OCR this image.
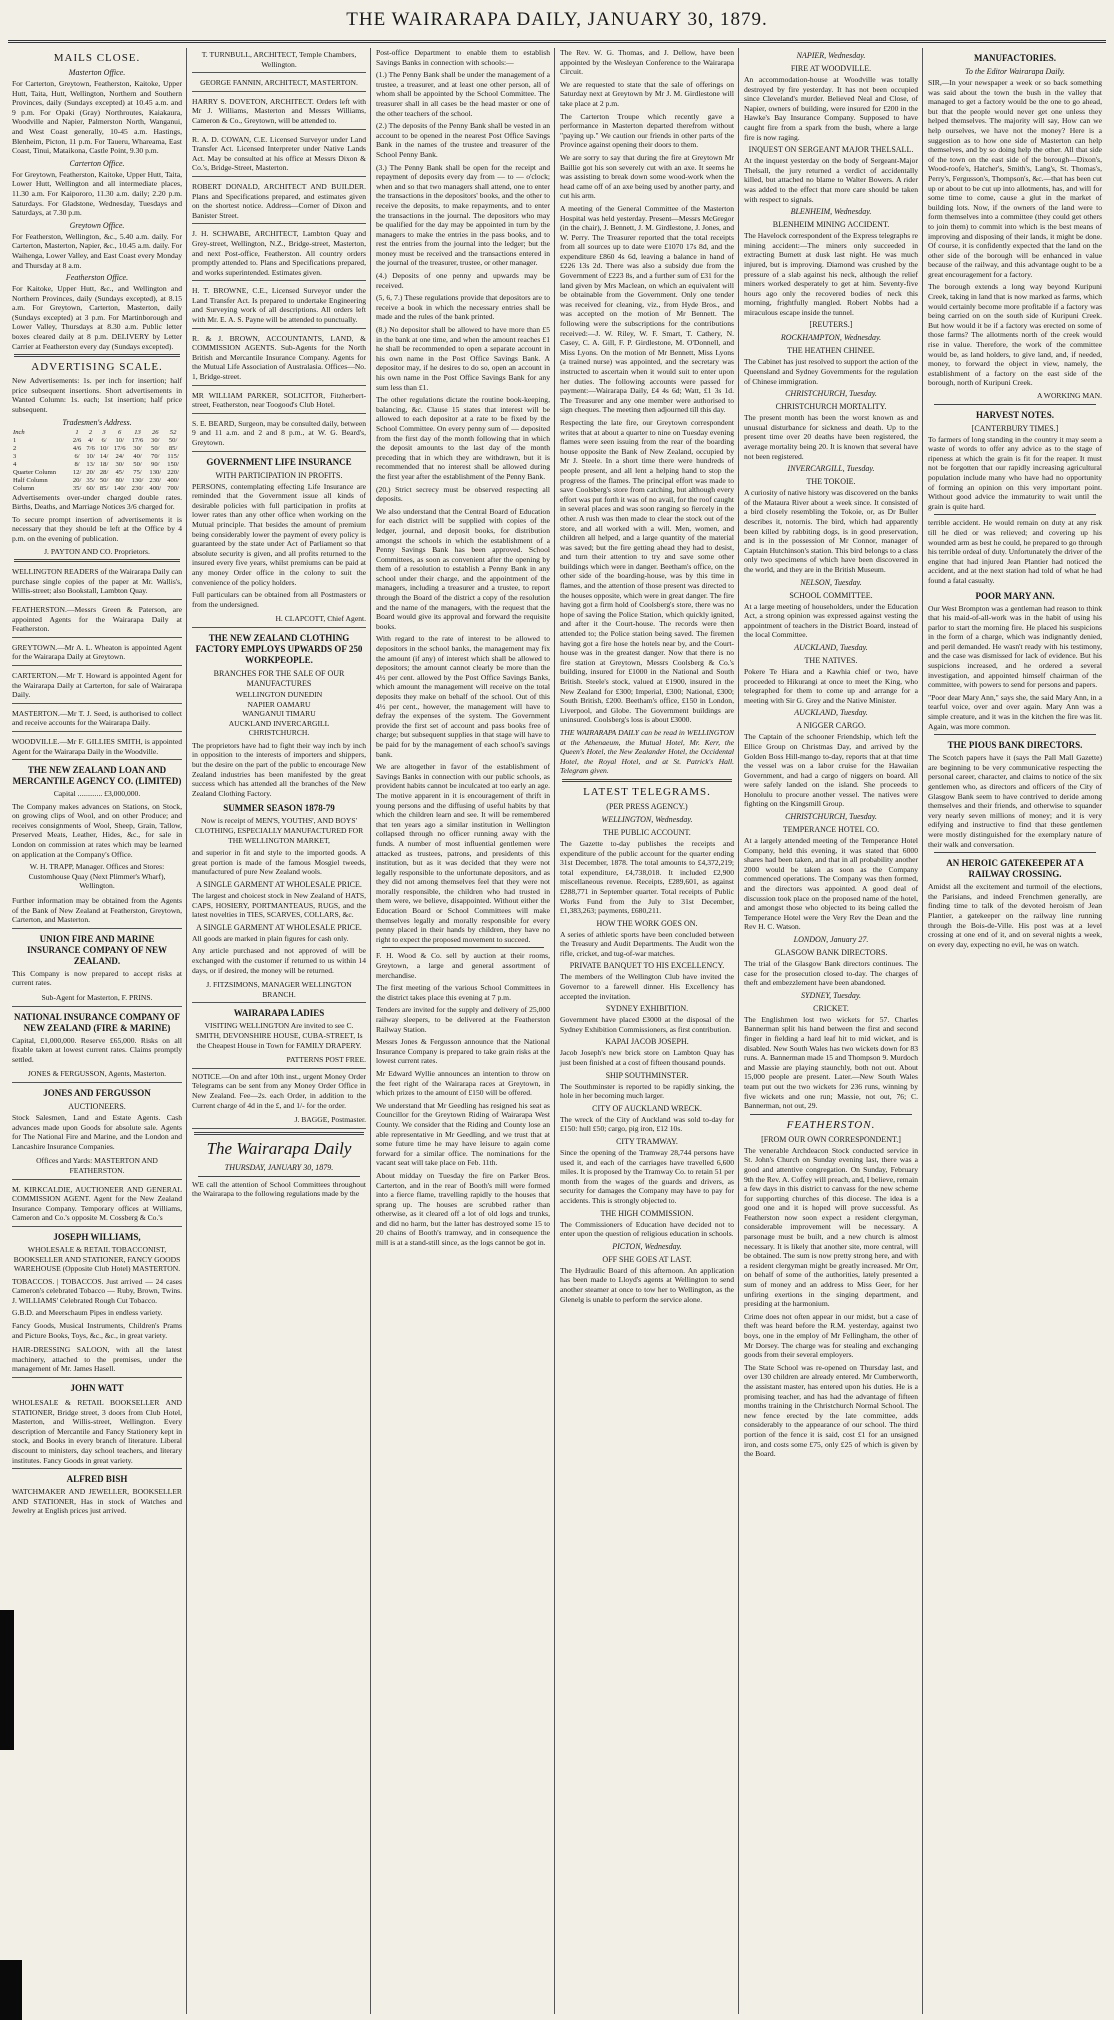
THE WAIRARAPA DAILY, JANUARY 30, 1879.
MAILS CLOSE.
Masterton Office.
For Carterton, Greytown, Featherston, Kaitoke, Upper Hutt, Taita, Hutt, Wellington, Northern and Southern Provinces, daily (Sundays excepted) at 10.45 a.m. and 9 p.m. For Opaki (Gray) Northroutes, Kaiakaura, Woodville and Napier, Palmerston North, Wanganui, and West Coast generally, 10-45 a.m. Hastings, Blenheim, Picton, 11 p.m. For Taueru, Whareama, East Coast, Tinui, Mataikona, Castle Point, 9.30 p.m.
Carterton Office.
For Greytown, Featherston, Kaitoke, Upper Hutt, Taita, Lower Hutt, Wellington and all intermediate places, 11.30 a.m. For Kaipororo, 11.30 a.m. daily; 2.20 p.m. Saturdays. For Gladstone, Wednesday, Tuesdays and Saturdays, at 7.30 p.m.
Greytown Office.
For Featherston, Wellington, &c., 5.40 a.m. daily. For Carterton, Masterton, Napier, &c., 10.45 a.m. daily. For Waihenga, Lower Valley, and East Coast every Monday and Thursday at 8 a.m.
Featherston Office.
For Kaitoke, Upper Hutt, &c., and Wellington and Northern Provinces, daily (Sundays excepted), at 8.15 a.m. For Greytown, Carterton, Masterton, daily (Sundays excepted) at 3 p.m. For Martinborough and Lower Valley, Thursdays at 8.30 a.m. Public letter boxes cleared daily at 8 p.m. DELIVERY by Letter Carrier at Featherston every day (Sundays excepted).
ADVERTISING SCALE.
New Advertisements: 1s. per inch for insertion; half price subsequent insertions. Short advertisements in Wanted Column: 1s. each; 1st insertion; half price subsequent.
Tradesmen's Address.
Inch	1	2	3	6	13	26	52
1	2/6	4/	6/	10/	17/6	30/	50/
2	4/6	7/6	10/	17/6	30/	50/	85/
3	6/	10/	14/	24/	40/	70/	115/
4	8/	13/	18/	30/	50/	90/	150/
Quarter Column	12/	20/	28/	45/	75/	130/	220/
Half Column	20/	35/	50/	80/	130/	230/	400/
Column	35/	60/	85/	140/	230/	400/	700/
Advertisements over-under charged double rates. Births, Deaths, and Marriage Notices 3/6 charged for.
To secure prompt insertion of advertisements it is necessary that they should be left at the Office by 4 p.m. on the evening of publication.
J. PAYTON AND CO. Proprietors.
WELLINGTON READERS of the Wairarapa Daily can purchase single copies of the paper at Mr. Wallis's, Willis-street; also Bookstall, Lambton Quay.
FEATHERSTON.—Messrs Green & Paterson, are appointed Agents for the Wairarapa Daily at Featherston.
GREYTOWN.—Mr A. L. Wheaton is appointed Agent for the Wairarapa Daily at Greytown.
CARTERTON.—Mr T. Howard is appointed Agent for the Wairarapa Daily at Carterton, for sale of Wairarapa Daily.
MASTERTON.—Mr T. J. Seed, is authorised to collect and receive accounts for the Wairarapa Daily.
WOODVILLE.—Mr F. GILLIES SMITH, is appointed Agent for the Wairarapa Daily in the Woodville.
THE NEW ZEALAND LOAN AND MERCANTILE AGENCY CO. (LIMITED)
Capital ............. £3,000,000.
The Company makes advances on Stations, on Stock, on growing clips of Wool, and on other Produce; and receives consignments of Wool, Sheep, Grain, Tallow, Preserved Meats, Leather, Hides, &c., for sale in London on commission at rates which may be learned on application at the Company's Office.
W. H. TRAPP, Manager. Offices and Stores: Customhouse Quay (Next Plimmer's Wharf), Wellington.
Further information may be obtained from the Agents of the Bank of New Zealand at Featherston, Greytown, Carterton, and Masterton.
UNION FIRE AND MARINE INSURANCE COMPANY OF NEW ZEALAND.
This Company is now prepared to accept risks at current rates.
Sub-Agent for Masterton, F. PRINS.
NATIONAL INSURANCE COMPANY OF NEW ZEALAND (FIRE & MARINE)
Capital, £1,000,000. Reserve £65,000. Risks on all fixable taken at lowest current rates. Claims promptly settled.
JONES & FERGUSSON, Agents, Masterton.
JONES AND FERGUSSON
AUCTIONEERS.
Stock Salesmen, Land and Estate Agents. Cash advances made upon Goods for absolute sale. Agents for The National Fire and Marine, and the London and Lancashire Insurance Companies.
Offices and Yards: MASTERTON AND FEATHERSTON.
M. KIRKCALDIE, AUCTIONEER AND GENERAL COMMISSION AGENT. Agent for the New Zealand Insurance Company. Temporary offices at Williams, Cameron and Co.'s opposite M. Cossberg & Co.'s
JOSEPH WILLIAMS,
WHOLESALE & RETAIL TOBACCONIST, BOOKSELLER AND STATIONER, FANCY GOODS WAREHOUSE (Opposite Club Hotel) MASTERTON.
TOBACCOS. | TOBACCOS. Just arrived — 24 cases Cameron's celebrated Tobacco — Ruby, Brown, Twins. J. WILLIAMS' Celebrated Rough Cut Tobacco.
G.B.D. and Meerschaum Pipes in endless variety.
Fancy Goods, Musical Instruments, Children's Prams and Picture Books, Toys, &c., &c., in great variety.
HAIR-DRESSING SALOON, with all the latest machinery, attached to the premises, under the management of Mr. James Hasell.
JOHN WATT
WHOLESALE & RETAIL BOOKSELLER AND STATIONER, Bridge street, 3 doors from Club Hotel, Masterton, and Willis-street, Wellington. Every description of Mercantile and Fancy Stationery kept in stock, and Books in every branch of literature. Liberal discount to ministers, day school teachers, and literary institutes. Fancy Goods in great variety.
ALFRED BISH
WATCHMAKER AND JEWELLER, BOOKSELLER AND STATIONER, Has in stock of Watches and Jewelry at English prices just arrived.
T. TURNBULL, ARCHITECT, Temple Chambers, Wellington.
GEORGE FANNIN, ARCHITECT, MASTERTON.
HARRY S. DOVETON, ARCHITECT. Orders left with Mr J. Williams, Masterton and Messrs Williams, Cameron & Co., Greytown, will be attended to.
R. A. D. COWAN, C.E. Licensed Surveyor under Land Transfer Act. Licensed Interpreter under Native Lands Act. May be consulted at his office at Messrs Dixon & Co.'s, Bridge-Street, Masterton.
ROBERT DONALD, ARCHITECT AND BUILDER. Plans and Specifications prepared, and estimates given on the shortest notice. Address—Corner of Dixon and Banister Street.
J. H. SCHWABE, ARCHITECT, Lambton Quay and Grey-street, Wellington, N.Z., Bridge-street, Masterton, and next Post-office, Featherston. All country orders promptly attended to. Plans and Specifications prepared, and works superintended. Estimates given.
H. T. BROWNE, C.E., Licensed Surveyor under the Land Transfer Act. Is prepared to undertake Engineering and Surveying work of all descriptions. All orders left with Mr. E. A. S. Payne will be attended to punctually.
R. & J. BROWN, ACCOUNTANTS, LAND, & COMMISSION AGENTS. Sub-Agents for the North British and Mercantile Insurance Company. Agents for the Mutual Life Association of Australasia. Offices—No. 1, Bridge-street.
MR WILLIAM PARKER, SOLICITOR, Fitzherbert-street, Featherston, near Toogood's Club Hotel.
S. E. BEARD, Surgeon, may be consulted daily, between 9 and 11 a.m. and 2 and 8 p.m., at W. G. Beard's, Greytown.
GOVERNMENT LIFE INSURANCE
WITH PARTICIPATION IN PROFITS.
PERSONS, contemplating effecting Life Insurance are reminded that the Government issue all kinds of desirable policies with full participation in profits at lower rates than any other office when working on the Mutual principle. That besides the amount of premium being considerably lower the payment of every policy is guaranteed by the state under Act of Parliament so that absolute security is given, and all profits returned to the insured every five years, whilst premiums can be paid at any money Order office in the colony to suit the convenience of the policy holders.
Full particulars can be obtained from all Postmasters or from the undersigned.
H. CLAPCOTT, Chief Agent.
THE NEW ZEALAND CLOTHING FACTORY EMPLOYS UPWARDS OF 250 WORKPEOPLE.
BRANCHES FOR THE SALE OF OUR MANUFACTURES
WELLINGTON DUNEDIN
NAPIER OAMARU
WANGANUI TIMARU
AUCKLAND INVERCARGILL
CHRISTCHURCH.
The proprietors have had to fight their way inch by inch in opposition to the interests of importers and shippers, but the desire on the part of the public to encourage New Zealand industries has been manifested by the great success which has attended all the branches of the New Zealand Clothing Factory.
SUMMER SEASON 1878-79
Now is receipt of MEN'S, YOUTHS', AND BOYS' CLOTHING, ESPECIALLY MANUFACTURED FOR THE WELLINGTON MARKET,
and superior in fit and style to the imported goods. A great portion is made of the famous Mosgiel tweeds, manufactured of pure New Zealand wools.
A SINGLE GARMENT AT WHOLESALE PRICE.
The largest and choicest stock in New Zealand of HATS, CAPS, HOSIERY, PORTMANTEAUS, RUGS, and the latest novelties in TIES, SCARVES, COLLARS, &c.
A SINGLE GARMENT AT WHOLESALE PRICE.
All goods are marked in plain figures for cash only.
Any article purchased and not approved of will be exchanged with the customer if returned to us within 14 days, or if desired, the money will be returned.
J. FITZSIMONS, MANAGER WELLINGTON BRANCH.
WAIRARAPA LADIES
VISITING WELLINGTON Are invited to see C. SMITH, DEVONSHIRE HOUSE, CUBA-STREET, Is the Cheapest House in Town for FAMILY DRAPERY.
PATTERNS POST FREE.
NOTICE.—On and after 10th inst., urgent Money Order Telegrams can be sent from any Money Order Office in New Zealand. Fee—2s. each Order, in addition to the Current charge of 4d in the £, and 1/- for the order.
J. BAGGE, Postmaster.
The Wairarapa Daily
THURSDAY, JANUARY 30, 1879.
WE call the attention of School Committees throughout the Wairarapa to the following regulations made by the
Post-office Department to enable them to establish Savings Banks in connection with schools:—
(1.) The Penny Bank shall be under the management of a trustee, a treasurer, and at least one other person, all of whom shall be appointed by the School Committee. The treasurer shall in all cases be the head master or one of the other teachers of the school.
(2.) The deposits of the Penny Bank shall be vested in an account to be opened in the nearest Post Office Savings Bank in the names of the trustee and treasurer of the School Penny Bank.
(3.) The Penny Bank shall be open for the receipt and repayment of deposits every day from — to — o'clock; when and so that two managers shall attend, one to enter the transactions in the depositors' books, and the other to receive the deposits, to make repayments, and to enter the transactions in the journal. The depositors who may be qualified for the day may be appointed in turn by the managers to make the entries in the pass books, and to rest the entries from the journal into the ledger; but the money must be received and the transactions entered in the journal of the treasurer, trustee, or other manager.
(4.) Deposits of one penny and upwards may be received.
(5, 6, 7.) These regulations provide that depositors are to receive a book in which the necessary entries shall be made and the rules of the bank printed.
(8.) No depositor shall be allowed to have more than £5 in the bank at one time, and when the amount reaches £1 he shall be recommended to open a separate account in his own name in the Post Office Savings Bank. A depositor may, if he desires to do so, open an account in his own name in the Post Office Savings Bank for any sum less than £1.
The other regulations dictate the routine book-keeping, balancing, &c. Clause 15 states that interest will be allowed to each depositor at a rate to be fixed by the School Committee. On every penny sum of — deposited from the first day of the month following that in which the deposit amounts to the last day of the month preceding that in which they are withdrawn, but it is recommended that no interest shall be allowed during the first year after the establishment of the Penny Bank.
(20.) Strict secrecy must be observed respecting all deposits.
We also understand that the Central Board of Education for each district will be supplied with copies of the ledger, journal, and deposit books, for distribution amongst the schools in which the establishment of a Penny Savings Bank has been approved. School Committees, as soon as convenient after the opening by them of a resolution to establish a Penny Bank in any school under their charge, and the appointment of the managers, including a treasurer and a trustee, to report through the Board of the district a copy of the resolution and the name of the managers, with the request that the Board would give its approval and forward the requisite books.
With regard to the rate of interest to be allowed to depositors in the school banks, the management may fix the amount (if any) of interest which shall be allowed to depositors; the amount cannot clearly be more than the 4½ per cent. allowed by the Post Office Savings Banks, which amount the management will receive on the total deposits they make on behalf of the school. Out of this 4½ per cent., however, the management will have to defray the expenses of the system. The Government provide the first set of account and pass books free of charge; but subsequent supplies in that stage will have to be paid for by the management of each school's savings bank.
We are altogether in favor of the establishment of Savings Banks in connection with our public schools, as provident habits cannot be inculcated at too early an age. The motive apparent in it is encouragement of thrift in young persons and the diffusing of useful habits by that which the children learn and see. It will be remembered that ten years ago a similar institution in Wellington collapsed through no officer running away with the funds. A number of most influential gentlemen were attacked as trustees, patrons, and presidents of this institution, but as it was decided that they were not legally responsible to the unfortunate depositors, and as they did not among themselves feel that they were not morally responsible, the children who had trusted in them were, we believe, disappointed. Without either the Education Board or School Committees will make themselves legally and morally responsible for every penny placed in their hands by children, they have no right to expect the proposed movement to succeed.
F. H. Wood & Co. sell by auction at their rooms, Greytown, a large and general assortment of merchandise.
The first meeting of the various School Committees in the district takes place this evening at 7 p.m.
Tenders are invited for the supply and delivery of 25,000 railway sleepers, to be delivered at the Featherston Railway Station.
Messrs Jones & Fergusson announce that the National Insurance Company is prepared to take grain risks at the lowest current rates.
Mr Edward Wyllie announces an intention to throw on the feet right of the Wairarapa races at Greytown, in which prizes to the amount of £150 will be offered.
We understand that Mr Geedling has resigned his seat as Councillor for the Greytown Riding of Wairarapa West County. We consider that the Riding and County lose an able representative in Mr Geedling, and we trust that at some future time he may have leisure to again come forward for a similar office. The nominations for the vacant seat will take place on Feb. 11th.
About midday on Tuesday the fire on Parker Bros. Carterton, and in the rear of Booth's mill were formed into a fierce flame, travelling rapidly to the houses that sprang up. The houses are scrubbed rather than otherwise, as it cleared off a lot of old logs and trunks, and did no harm, but the latter has destroyed some 15 to 20 chains of Booth's tramway, and in consequence the mill is at a stand-still since, as the logs cannot be got in.
The Rev. W. G. Thomas, and J. Dellow, have been appointed by the Wesleyan Conference to the Wairarapa Circuit.
We are requested to state that the sale of offerings on Saturday next at Greytown by Mr J. M. Girdlestone will take place at 2 p.m.
The Carterton Troupe which recently gave a performance in Masterton departed therefrom without "paying up." We caution our friends in other parts of the Province against opening their doors to them.
We are sorry to say that during the fire at Greytown Mr Baillie got his son severely cut with an axe. It seems he was assisting to break down some wood-work when the head came off of an axe being used by another party, and cut his arm.
A meeting of the General Committee of the Masterton Hospital was held yesterday. Present—Messrs McGregor (in the chair), J. Bennett, J. M. Girdlestone, J. Jones, and W. Perry. The Treasurer reported that the total receipts from all sources up to date were £1070 17s 8d, and the expenditure £860 4s 6d, leaving a balance in hand of £226 13s 2d. There was also a subsidy due from the Government of £223 8s, and a further sum of £31 for the land given by Mrs Maclean, on which an equivalent will be obtainable from the Government. Only one tender was received for cleaning, viz., from Hyde Bros., and was accepted on the motion of Mr Bennett. The following were the subscriptions for the contributions received:—J. W. Riley, W. F. Smart, T. Cathery, N. Casey, C. A. Gill, F. P. Girdlestone, M. O'Donnell, and Miss Lyons. On the motion of Mr Bennett, Miss Lyons (a trained nurse) was appointed, and the secretary was instructed to ascertain when it would suit to enter upon her duties. The following accounts were passed for payment:—Wairarapa Daily, £4 4s 6d; Watt, £1 3s 1d. The Treasurer and any one member were authorised to sign cheques. The meeting then adjourned till this day.
Respecting the late fire, our Greytown correspondent writes that at about a quarter to nine on Tuesday evening flames were seen issuing from the rear of the boarding house opposite the Bank of New Zealand, occupied by Mr J. Steele. In a short time there were hundreds of people present, and all lent a helping hand to stop the progress of the flames. The principal effort was made to save Coolsberg's store from catching, but although every effort was put forth it was of no avail, for the roof caught in several places and was soon ranging so fiercely in the other. A rush was then made to clear the stock out of the store, and all worked with a will. Men, women, and children all helped, and a large quantity of the material was saved; but the fire getting ahead they had to desist, and turn their attention to try and save some other buildings which were in danger. Beetham's office, on the other side of the boarding-house, was by this time in flames, and the attention of those present was directed to the houses opposite, which were in great danger. The fire having got a firm hold of Coolsberg's store, there was no hope of saving the Police Station, which quickly ignited, and after it the Court-house. The records were then attended to; the Police station being saved. The firemen having got a fire hose the hotels near by, and the Court-house was in the greatest danger. Now that there is no fire station at Greytown, Messrs Coolsberg & Co.'s building, insured for £1000 in the National and South British. Steele's stock, valued at £1900, insured in the New Zealand for £300; Imperial, £300; National, £300; South British, £200. Beetham's office, £150 in London, Liverpool, and Globe. The Government buildings are uninsured. Coolsberg's loss is about £3000.
THE WAIRARAPA DAILY can be read in WELLINGTON at the Athenaeum, the Mutual Hotel, Mr. Kerr, the Queen's Hotel, the New Zealander Hotel, the Occidental Hotel, the Royal Hotel, and at St. Patrick's Hall. Telegram given.
LATEST TELEGRAMS.
(PER PRESS AGENCY.)
WELLINGTON, Wednesday.
THE PUBLIC ACCOUNT.
The Gazette to-day publishes the receipts and expenditure of the public account for the quarter ending 31st December, 1878. The total amounts to £4,372,219; total expenditure, £4,738,018. It included £2,900 miscellaneous revenue. Receipts, £289,601, as against £288,771 in September quarter. Total receipts of Public Works Fund from the July to 31st December, £1,383,263; payments, £680,211.
HOW THE WORK GOES ON.
A series of athletic sports have been concluded between the Treasury and Audit Departments. The Audit won the rifle, cricket, and tug-of-war matches.
PRIVATE BANQUET TO HIS EXCELLENCY.
The members of the Wellington Club have invited the Governor to a farewell dinner. His Excellency has accepted the invitation.
SYDNEY EXHIBITION.
Government have placed £3000 at the disposal of the Sydney Exhibition Commissioners, as first contribution.
KAPAI JACOB JOSEPH.
Jacob Joseph's new brick store on Lambton Quay has just been finished at a cost of fifteen thousand pounds.
SHIP SOUTHMINSTER.
The Southminster is reported to be rapidly sinking, the hole in her becoming much larger.
CITY OF AUCKLAND WRECK.
The wreck of the City of Auckland was sold to-day for £150: hull £50; cargo, pig iron, £12 10s.
CITY TRAMWAY.
Since the opening of the Tramway 28,744 persons have used it, and each of the carriages have travelled 6,600 miles. It is proposed by the Tramway Co. to retain 51 per month from the wages of the guards and drivers, as security for damages the Company may have to pay for accidents. This is strongly objected to.
THE HIGH COMMISSION.
The Commissioners of Education have decided not to enter upon the question of religious education in schools.
PICTON, Wednesday.
OFF SHE GOES AT LAST.
The Hydraulic Board of this afternoon. An application has been made to Lloyd's agents at Wellington to send another steamer at once to tow her to Wellington, as the Glenelg is unable to perform the service alone.
NAPIER, Wednesday.
FIRE AT WOODVILLE.
An accommodation-house at Woodville was totally destroyed by fire yesterday. It has not been occupied since Cleveland's murder. Believed Neal and Close, of Napier, owners of building, were insured for £200 in the Hawke's Bay Insurance Company. Supposed to have caught fire from a spark from the bush, where a large fire is now raging.
INQUEST ON SERGEANT MAJOR THELSALL.
At the inquest yesterday on the body of Sergeant-Major Thelsall, the jury returned a verdict of accidentally killed, but attached no blame to Walter Bowers. A rider was added to the effect that more care should be taken with respect to signals.
BLENHEIM, Wednesday.
BLENHEIM MINING ACCIDENT.
The Havelock correspondent of the Express telegraphs re mining accident:—The miners only succeeded in extracting Bumett at dusk last night. He was much injured, but is improving. Diamond was crushed by the pressure of a slab against his neck, although the relief miners worked desperately to get at him. Seventy-five hours ago only the recovered bodies of neck this morning, frightfully mangled. Robert Nobbs had a miraculous escape inside the tunnel.
[REUTERS.]
ROCKHAMPTON, Wednesday.
THE HEATHEN CHINEE.
The Cabinet has just resolved to support the action of the Queensland and Sydney Governments for the regulation of Chinese immigration.
CHRISTCHURCH, Tuesday.
CHRISTCHURCH MORTALITY.
The present month has been the worst known as and unusual disturbance for sickness and death. Up to the present time over 20 deaths have been registered, the average mortality being 20. It is known that several have not been registered.
INVERCARGILL, Tuesday.
THE TOKOIE.
A curiosity of native history was discovered on the banks of the Mataura River about a week since. It consisted of a bird closely resembling the Tokoie, or, as Dr Buller describes it, notornis. The bird, which had apparently been killed by rabbiting dogs, is in good preservation, and is in the possession of Mr Connor, manager of Captain Hutchinson's station. This bird belongs to a class only two specimens of which have been discovered in the world, and they are in the British Museum.
NELSON, Tuesday.
SCHOOL COMMITTEE.
At a large meeting of householders, under the Education Act, a strong opinion was expressed against vesting the appointment of teachers in the District Board, instead of the local Committee.
AUCKLAND, Tuesday.
THE NATIVES.
Pokere Te Hiara and a Kawhia chief or two, have proceeded to Hikurangi at once to meet the King, who telegraphed for them to come up and arrange for a meeting with Sir G. Grey and the Native Minister.
AUCKLAND, Tuesday.
A NIGGER CARGO.
The Captain of the schooner Friendship, which left the Ellice Group on Christmas Day, and arrived by the Golden Boss Hill-mango to-day, reports that at that time the vessel was on a labor cruise for the Hawaiian Government, and had a cargo of niggers on board. All were safely landed on the island. She proceeds to Honolulu to procure another vessel. The natives were fighting on the Kingsmill Group.
CHRISTCHURCH, Tuesday.
TEMPERANCE HOTEL CO.
At a largely attended meeting of the Temperance Hotel Company, held this evening, it was stated that 6000 shares had been taken, and that in all probability another 2000 would be taken as soon as the Company commenced operations. The Company was then formed, and the directors was appointed. A good deal of discussion took place on the proposed name of the hotel, and amongst those who objected to its being called the Temperance Hotel were the Very Rev the Dean and the Rev H. C. Watson.
LONDON, January 27.
GLASGOW BANK DIRECTORS.
The trial of the Glasgow Bank directors continues. The case for the prosecution closed to-day. The charges of theft and embezzlement have been abandoned.
SYDNEY, Tuesday.
CRICKET.
The Englishmen lost two wickets for 57. Charles Bannerman split his hand between the first and second finger in fielding a hard leaf hit to mid wicket, and is disabled. New South Wales has two wickets down for 83 runs. A. Bannerman made 15 and Thompson 9. Murdoch and Massie are playing staunchly, both not out. About 15,000 people are present. Later.—New South Wales team put out the two wickets for 236 runs, winning by five wickets and one run; Massie, not out, 76; C. Bannerman, not out, 29.
FEATHERSTON.
[FROM OUR OWN CORRESPONDENT.]
The venerable Archdeacon Stock conducted service in St. John's Church on Sunday evening last, there was a good and attentive congregation. On Sunday, February 9th the Rev. A. Coffey will preach, and, I believe, remain a few days in this district to canvass for the new scheme for supporting churches of this diocese. The idea is a good one and it is hoped will prove successful. As Featherston now soon expect a resident clergyman, considerable improvement will be necessary. A parsonage must be built, and a new church is almost necessary. It is likely that another site, more central, will be obtained. The sum is now pretty strong here, and with a resident clergyman might be greatly increased. Mr Orr, on behalf of some of the authorities, lately presented a sum of money and an address to Miss Geer, for her unfiring exertions in the singing department, and presiding at the harmonium.
Crime does not often appear in our midst, but a case of theft was heard before the R.M. yesterday, against two boys, one in the employ of Mr Fellingham, the other of Mr Dorsey. The charge was for stealing and exchanging goods from their several employers.
The State School was re-opened on Thursday last, and over 130 children are already entered. Mr Cumberworth, the assistant master, has entered upon his duties. He is a promising teacher, and has had the advantage of fifteen months training in the Christchurch Normal School. The new fence erected by the late committee, adds considerably to the appearance of our school. The third portion of the fence it is said, cost £1 for an unsigned iron, and costs some £75, only £25 of which is given by the Board.
MANUFACTORIES.
To the Editor Wairarapa Daily.
SIR,—In your newspaper a week or so back something was said about the town the bush in the valley that managed to get a factory would be the one to go ahead, but that the people would never get one unless they helped themselves. The majority will say, How can we help ourselves, we have not the money? Here is a suggestion as to how one side of Masterton can help themselves, and by so doing help the other. All that side of the town on the east side of the borough—Dixon's, Wood-roofe's, Hatcher's, Smith's, Lang's, St. Thomas's, Perry's, Fergusson's, Thompson's, &c.—that has been cut up or about to be cut up into allotments, has, and will for some time to come, cause a glut in the market of building lots. Now, if the owners of the land were to form themselves into a committee (they could get others to join them) to commit into which is the best means of improving and disposing of their lands, it might be done. Of course, it is confidently expected that the land on the other side of the borough will be enhanced in value because of the railway, and this advantage ought to be a great encouragement for a factory.
The borough extends a long way beyond Kuripuni Creek, taking in land that is now marked as farms, which would certainly become more profitable if a factory was being carried on on the south side of Kuripuni Creek. But how would it be if a factory was erected on some of those farms? The allotments north of the creek would rise in value. Therefore, the work of the committee would be, as land holders, to give land, and, if needed, money, to forward the object in view, namely, the establishment of a factory on the east side of the borough, north of Kuripuni Creek.
A WORKING MAN.
HARVEST NOTES.
[CANTERBURY TIMES.]
To farmers of long standing in the country it may seem a waste of words to offer any advice as to the stage of ripeness at which the grain is fit for the reaper. It must not be forgotten that our rapidly increasing agricultural population include many who have had no opportunity of forming an opinion on this very important point. Without good advice the immaturity to wait until the grain is quite hard.
terrible accident. He would remain on duty at any risk till he died or was relieved; and covering up his wounded arm as best he could, he prepared to go through his terrible ordeal of duty. Unfortunately the driver of the engine that had injured Jean Plantier had noticed the accident, and at the next station had told of what he had found a fatal casualty.
POOR MARY ANN.
Our West Brompton was a gentleman had reason to think that his maid-of-all-work was in the habit of using his parlor to start the morning fire. He placed his suspicions in the form of a charge, which was indignantly denied, and peril demanded. He wasn't ready with his testimony, and the case was dismissed for lack of evidence. But his suspicions increased, and he ordered a several investigation, and appointed himself chairman of the committee, with powers to send for persons and papers.
"Poor dear Mary Ann," says she, the said Mary Ann, in a tearful voice, over and over again. Mary Ann was a simple creature, and it was in the kitchen the fire was lit. Again, was more common.
THE PIOUS BANK DIRECTORS.
The Scotch papers have it (says the Pall Mall Gazette) are beginning to be very communicative respecting the personal career, character, and claims to notice of the six gentlemen who, as directors and officers of the City of Glasgow Bank seem to have contrived to deride among themselves and their friends, and otherwise to squander very nearly seven millions of money; and it is very edifying and instructive to find that these gentlemen were mostly distinguished for the exemplary nature of their walk and conversation.
AN HEROIC GATEKEEPER AT A RAILWAY CROSSING.
Amidst all the excitement and turmoil of the elections, the Parisians, and indeed Frenchmen generally, are finding time to talk of the devoted heroism of Jean Plantier, a gatekeeper on the railway line running through the Bois-de-Ville. His post was at a level crossing at one end of it, and on several nights a week, on every day, expecting no evil, he was on watch.
